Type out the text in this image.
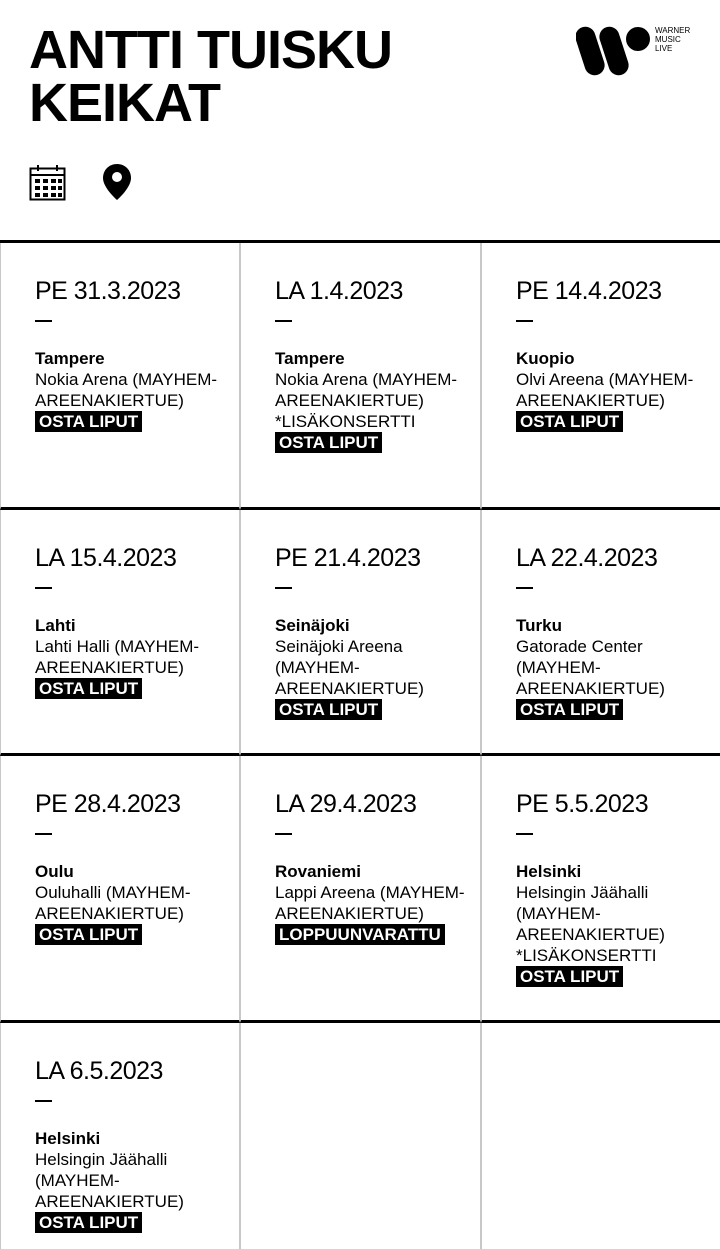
ANTTI TUISKU
KEIKAT
WARNER
MUSIC
LIVE
PE 31.3.2023
Tampere
Nokia Arena (MAYHEM-AREENAKIERTUE)
OSTA LIPUT
LA 1.4.2023
Tampere
Nokia Arena (MAYHEM-AREENAKIERTUE)
*LISÄKONSERTTI
OSTA LIPUT
PE 14.4.2023
Kuopio
Olvi Areena (MAYHEM-AREENAKIERTUE)
OSTA LIPUT
LA 15.4.2023
Lahti
Lahti Halli (MAYHEM-AREENAKIERTUE)
OSTA LIPUT
PE 21.4.2023
Seinäjoki
Seinäjoki Areena (MAYHEM-AREENAKIERTUE)
OSTA LIPUT
LA 22.4.2023
Turku
Gatorade Center (MAYHEM-AREENAKIERTUE)
OSTA LIPUT
PE 28.4.2023
Oulu
Ouluhalli (MAYHEM-AREENAKIERTUE)
OSTA LIPUT
LA 29.4.2023
Rovaniemi
Lappi Areena (MAYHEM-AREENAKIERTUE)
LOPPUUNVARATTU
PE 5.5.2023
Helsinki
Helsingin Jäähalli (MAYHEM-AREENAKIERTUE)
*LISÄKONSERTTI
OSTA LIPUT
LA 6.5.2023
Helsinki
Helsingin Jäähalli (MAYHEM-AREENAKIERTUE)
OSTA LIPUT
